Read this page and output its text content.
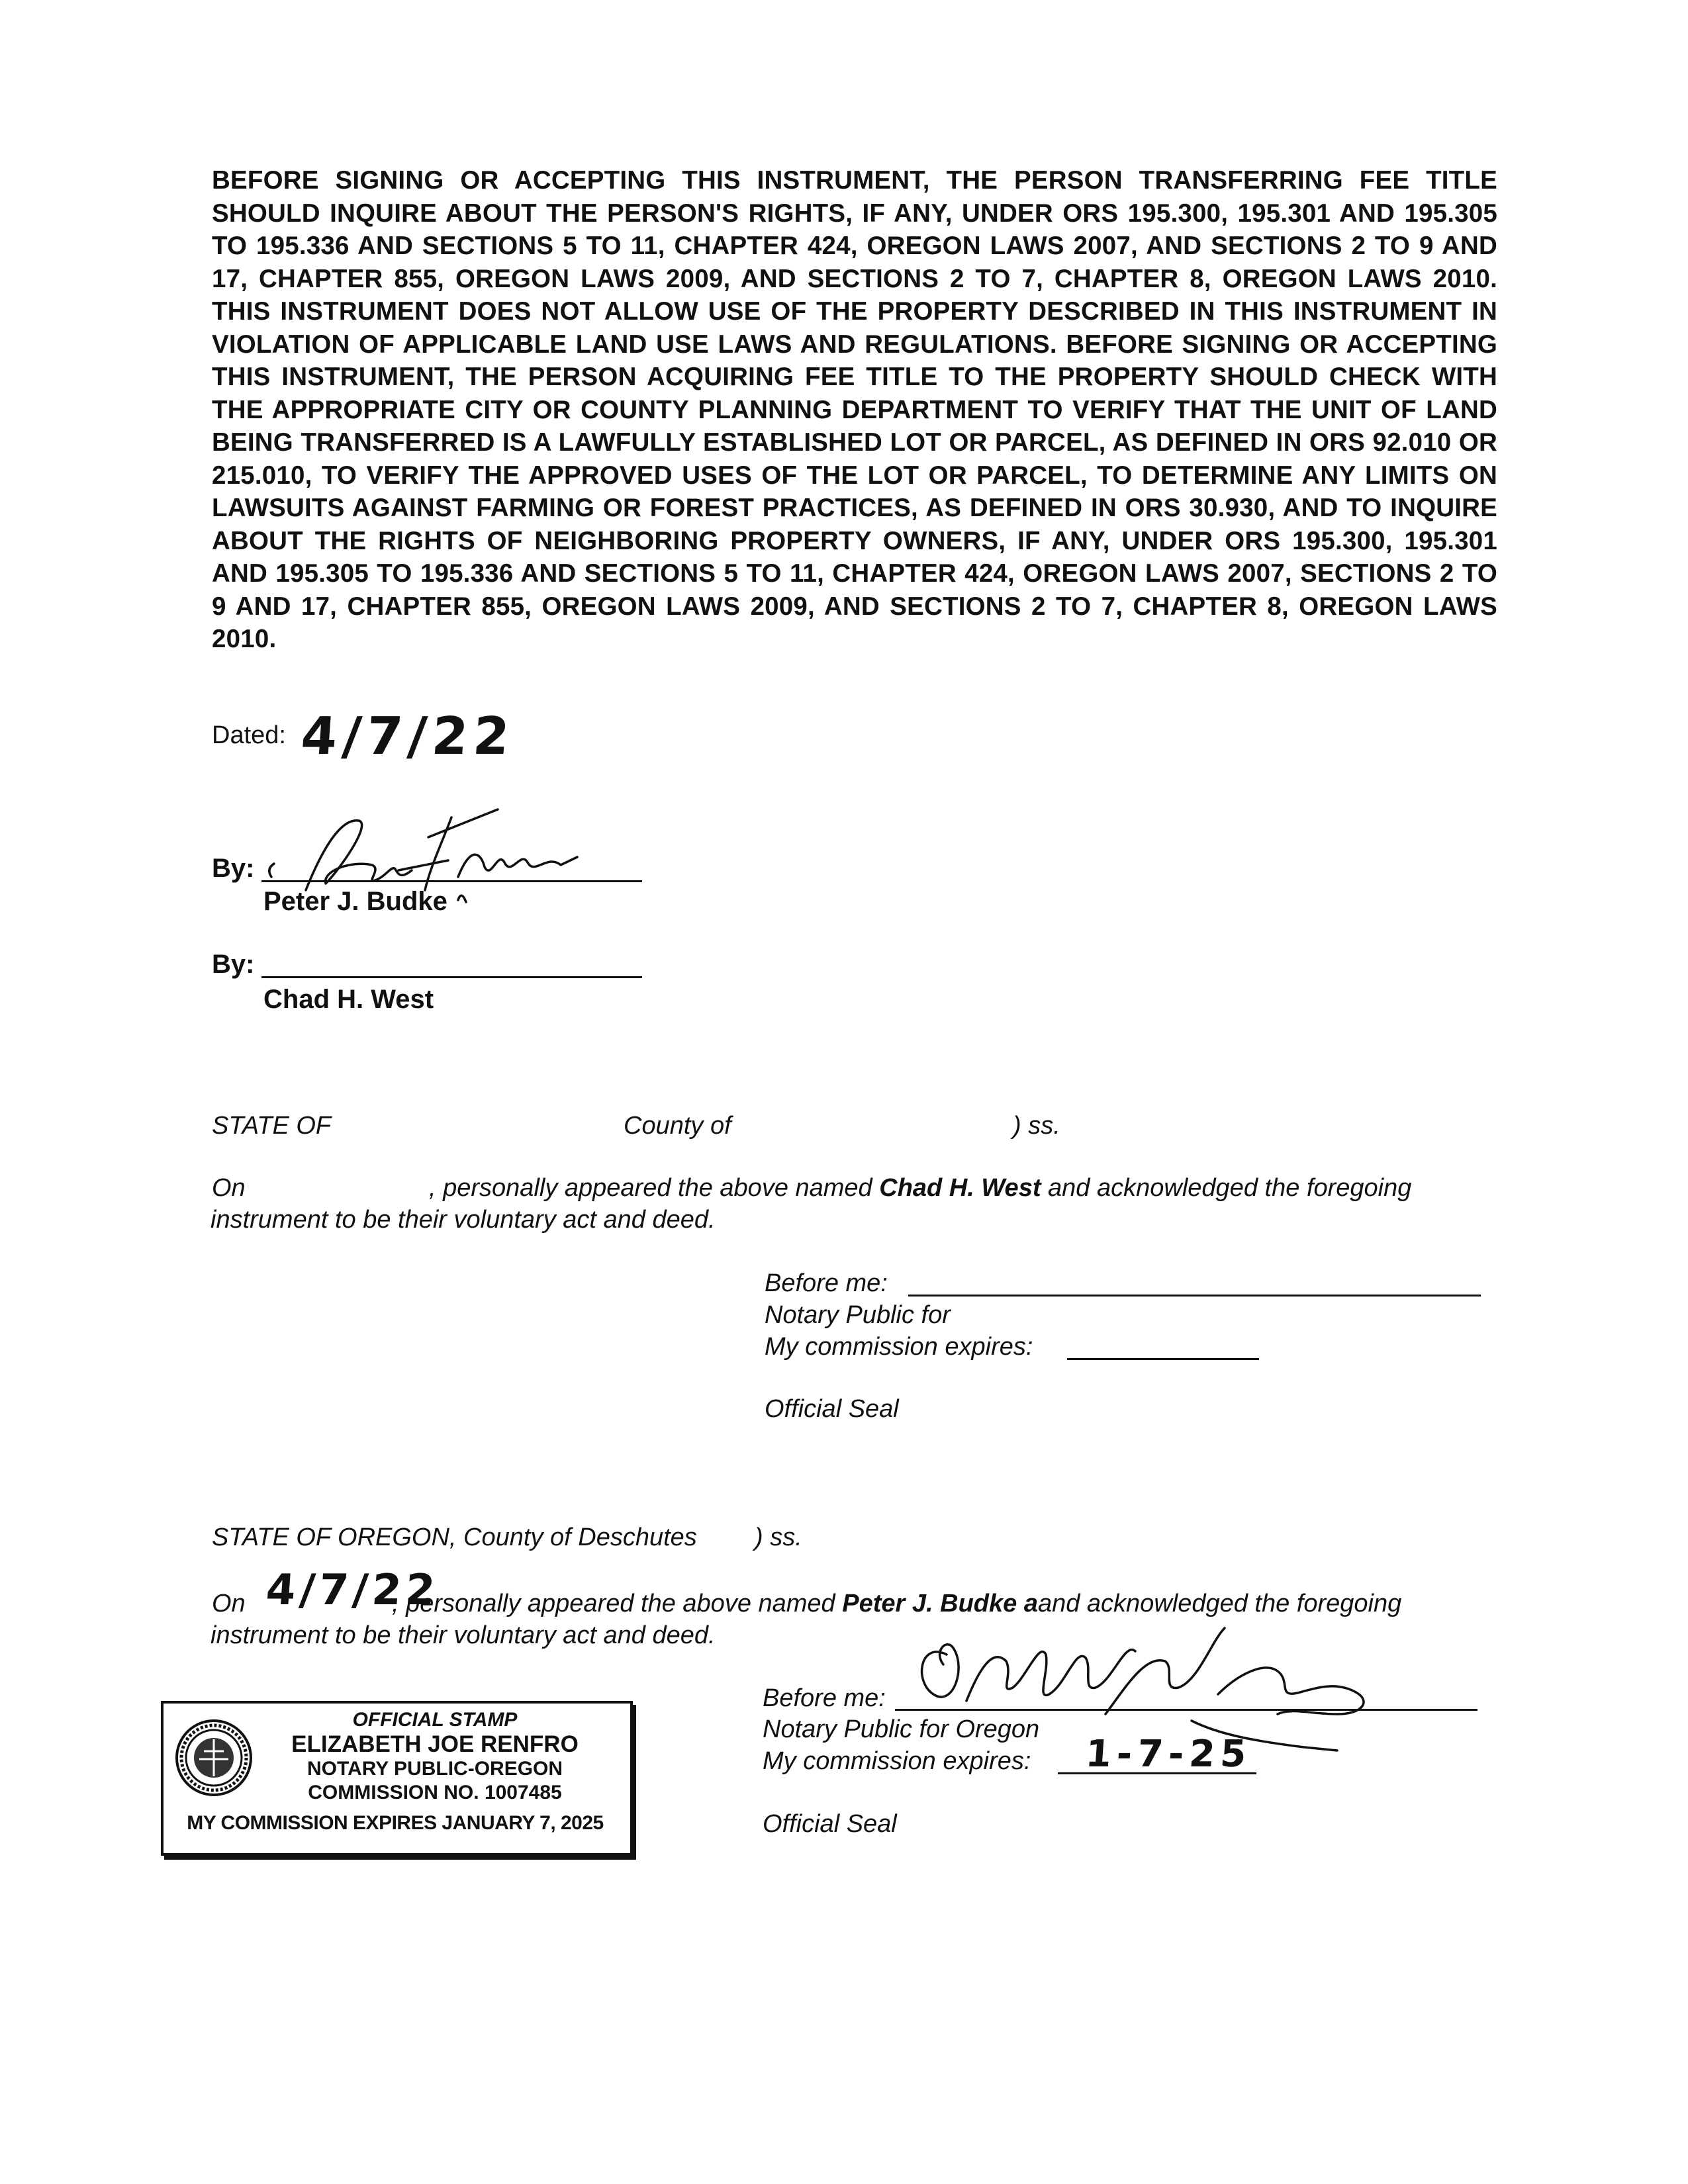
BEFORE SIGNING OR ACCEPTING THIS INSTRUMENT, THE PERSON TRANSFERRING FEE TITLE SHOULD INQUIRE ABOUT THE PERSON'S RIGHTS, IF ANY, UNDER ORS 195.300, 195.301 AND 195.305 TO 195.336 AND SECTIONS 5 TO 11, CHAPTER 424, OREGON LAWS 2007, AND SECTIONS 2 TO 9 AND 17, CHAPTER 855, OREGON LAWS 2009, AND SECTIONS 2 TO 7, CHAPTER 8, OREGON LAWS 2010. THIS INSTRUMENT DOES NOT ALLOW USE OF THE PROPERTY DESCRIBED IN THIS INSTRUMENT IN VIOLATION OF APPLICABLE LAND USE LAWS AND REGULATIONS. BEFORE SIGNING OR ACCEPTING THIS INSTRUMENT, THE PERSON ACQUIRING FEE TITLE TO THE PROPERTY SHOULD CHECK WITH THE APPROPRIATE CITY OR COUNTY PLANNING DEPARTMENT TO VERIFY THAT THE UNIT OF LAND BEING TRANSFERRED IS A LAWFULLY ESTABLISHED LOT OR PARCEL, AS DEFINED IN ORS 92.010 OR 215.010, TO VERIFY THE APPROVED USES OF THE LOT OR PARCEL, TO DETERMINE ANY LIMITS ON LAWSUITS AGAINST FARMING OR FOREST PRACTICES, AS DEFINED IN ORS 30.930, AND TO INQUIRE ABOUT THE RIGHTS OF NEIGHBORING PROPERTY OWNERS, IF ANY, UNDER ORS 195.300, 195.301 AND 195.305 TO 195.336 AND SECTIONS 5 TO 11, CHAPTER 424, OREGON LAWS 2007, SECTIONS 2 TO 9 AND 17, CHAPTER 855, OREGON LAWS 2009, AND SECTIONS 2 TO 7, CHAPTER 8, OREGON LAWS 2010.
Dated: 4/7/22
By:
Peter J. Budke
By:
Chad H. West
STATE OF	County of	) ss.
On	, personally appeared the above named Chad H. West and acknowledged the foregoing
instrument to be their voluntary act and deed.
Before me:
Notary Public for
My commission expires:
Official Seal
STATE OF OREGON, County of Deschutes ) ss.
On 4/7/22
, personally appeared the above named Peter J. Budke aand acknowledged the foregoing
instrument to be their voluntary act and deed.
Before me:
Notary Public for Oregon
My commission expires: 1-7-25
Official Seal
OFFICIAL STAMP
ELIZABETH JOE RENFRO
NOTARY PUBLIC-OREGON
COMMISSION NO. 1007485
MY COMMISSION EXPIRES JANUARY 7, 2025
